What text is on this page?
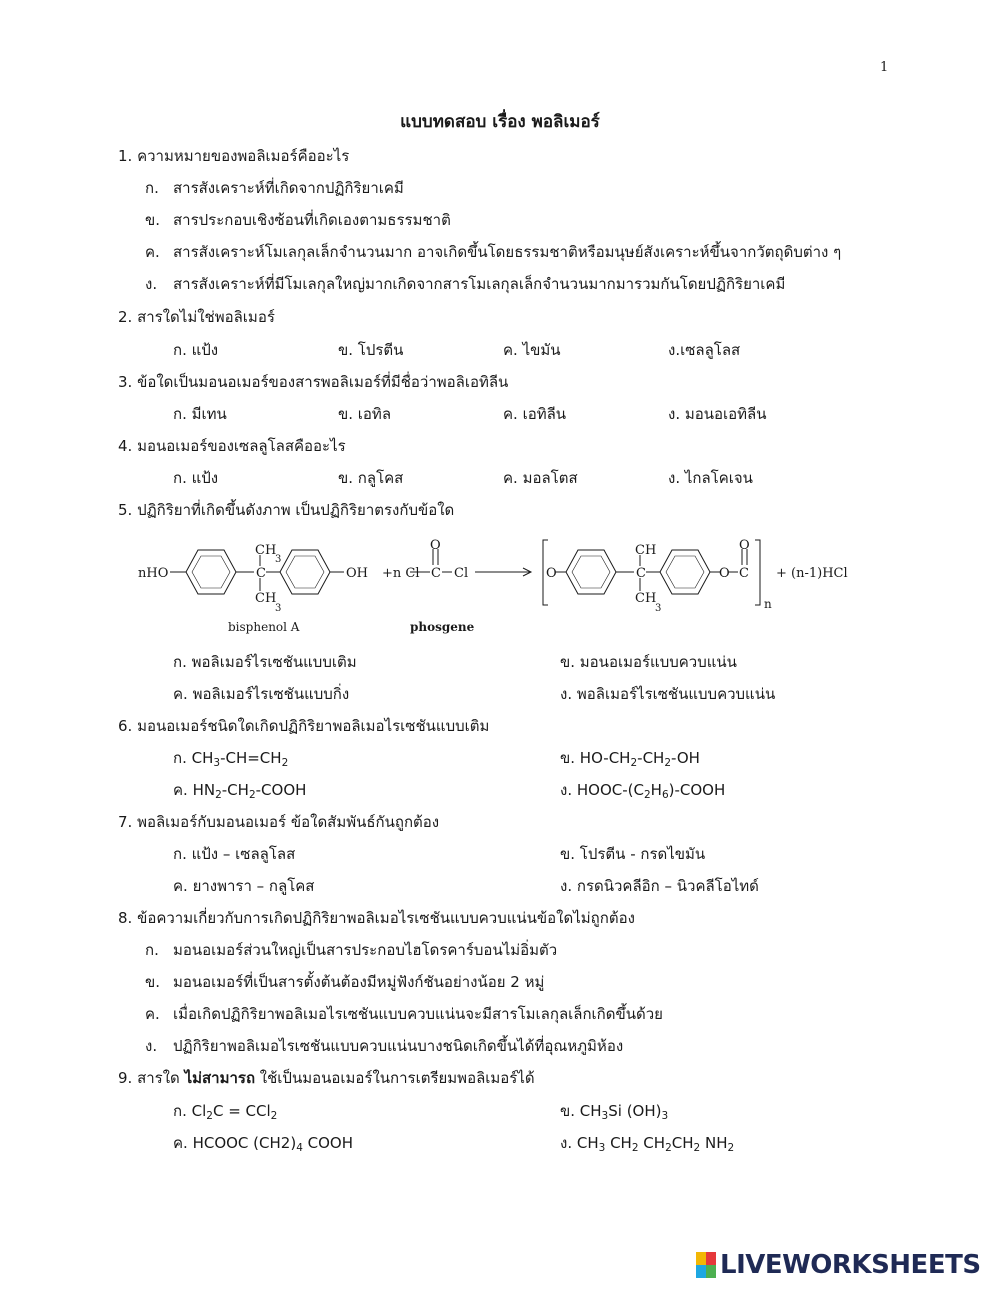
1
แบบทดสอบ เรื่อง พอลิเมอร์
1. ความหมายของพอลิเมอร์คืออะไร
ก. สารสังเคราะห์ที่เกิดจากปฏิกิริยาเคมี
ข. สารประกอบเชิงซ้อนที่เกิดเองตามธรรมชาติ
ค. สารสังเคราะห์โมเลกุลเล็กจำนวนมาก อาจเกิดขึ้นโดยธรรมชาติหรือมนุษย์สังเคราะห์ขึ้นจากวัตถุดิบต่าง ๆ
ง. สารสังเคราะห์ที่มีโมเลกุลใหญ่มากเกิดจากสารโมเลกุลเล็กจำนวนมากมารวมกันโดยปฏิกิริยาเคมี
2. สารใดไม่ใช่พอลิเมอร์
ก. แป้ง	ข. โปรตีน	ค. ไขมัน	ง.เซลลูโลส
3. ข้อใดเป็นมอนอเมอร์ของสารพอลิเมอร์ที่มีชื่อว่าพอลิเอทิลีน
ก. มีเทน	ข. เอทิล	ค. เอทิลีน	ง. มอนอเอทิลีน
4. มอนอเมอร์ของเซลลูโลสคืออะไร
ก. แป้ง	ข. กลูโคส	ค. มอลโตส	ง. ไกลโคเจน
5. ปฏิกิริยาที่เกิดขึ้นดังภาพ เป็นปฏิกิริยาตรงกับข้อใด
nHO
CH
3
C
CH
3
OH +n Cl
O
C Cl	O
CH
C
CH
3
O
O
C
n
+ (n-1)HCl
bisphenol A	phosgene
ก. พอลิเมอร์ไรเซชันแบบเติม	ข. มอนอเมอร์แบบควบแน่น
ค. พอลิเมอร์ไรเซชันแบบกิ่ง	ง. พอลิเมอร์ไรเซชันแบบควบแน่น
6. มอนอเมอร์ชนิดใดเกิดปฏิกิริยาพอลิเมอไรเซชันแบบเติม
ก. $CH_3-CH=CH_2$	ข. $HO-CH_2-CH_2-OH$
ค. $HN_2-CH_2$-COOH	ง. HOOC-$(C_2H_6)$-COOH
7. พอลิเมอร์กับมอนอเมอร์ ข้อใดสัมพันธ์กันถูกต้อง
ก. แป้ง – เซลลูโลส	ข. โปรตีน - กรดไขมัน
ค. ยางพารา – กลูโคส	ง. กรดนิวคลีอิก – นิวคลีโอไทด์
8. ข้อความเกี่ยวกับการเกิดปฏิกิริยาพอลิเมอไรเซชันแบบควบแน่นข้อใดไม่ถูกต้อง
ก. มอนอเมอร์ส่วนใหญ่เป็นสารประกอบไฮโดรคาร์บอนไม่อิ่มตัว
ข. มอนอเมอร์ที่เป็นสารตั้งต้นต้องมีหมู่ฟังก์ชันอย่างน้อย 2 หมู่
ค. เมื่อเกิดปฏิกิริยาพอลิเมอไรเซชันแบบควบแน่นจะมีสารโมเลกุลเล็กเกิดขึ้นด้วย
ง. ปฏิกิริยาพอลิเมอไรเซชันแบบควบแน่นบางชนิดเกิดขึ้นได้ที่อุณหภูมิห้อง
9. สารใด ไม่สามารถ ใช้เป็นมอนอเมอร์ในการเตรียมพอลิเมอร์ได้
ก. $Cl_2C = CCl_2$	ข. $CH_3Si$ $(OH)_3$
ค. HCOOC $(CH2)_4$ COOH	ง. $CH_3$ $CH_2$ $CH_2CH_2$ $NH_2$
LIVEWORKSHEETS
